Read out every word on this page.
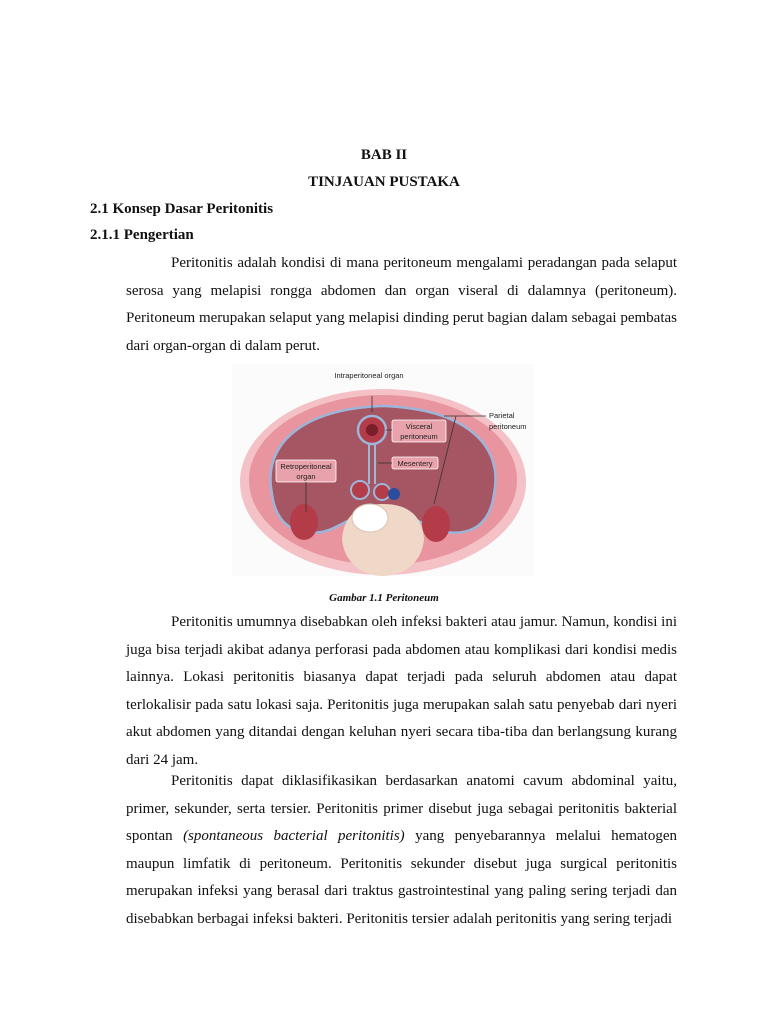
BAB II
TINJAUAN PUSTAKA
2.1 Konsep Dasar Peritonitis
2.1.1 Pengertian

Peritonitis adalah kondisi di mana peritoneum mengalami peradangan pada selaput serosa yang melapisi rongga abdomen dan organ viseral di dalamnya (peritoneum). Peritoneum merupakan selaput yang melapisi dinding perut bagian dalam sebagai pembatas dari organ-organ di dalam perut.

Intraperitoneal organ
Visceral
peritoneum
Mesentery
Retroperitoneal
organ
Parietal
peritoneum
Gambar 1.1 Peritoneum

Peritonitis umumnya disebabkan oleh infeksi bakteri atau jamur. Namun, kondisi ini juga bisa terjadi akibat adanya perforasi pada abdomen atau komplikasi dari kondisi medis lainnya. Lokasi peritonitis biasanya dapat terjadi pada seluruh abdomen atau dapat terlokalisir pada satu lokasi saja. Peritonitis juga merupakan salah satu penyebab dari nyeri akut abdomen yang ditandai dengan keluhan nyeri secara tiba-tiba dan berlangsung kurang dari 24 jam.

Peritonitis dapat diklasifikasikan berdasarkan anatomi cavum abdominal yaitu, primer, sekunder, serta tersier. Peritonitis primer disebut juga sebagai peritonitis bakterial spontan (spontaneous bacterial peritonitis) yang penyebarannya melalui hematogen maupun limfatik di peritoneum. Peritonitis sekunder disebut juga surgical peritonitis merupakan infeksi yang berasal dari traktus gastrointestinal yang paling sering terjadi dan disebabkan berbagai infeksi bakteri. Peritonitis tersier adalah peritonitis yang sering terjadi
